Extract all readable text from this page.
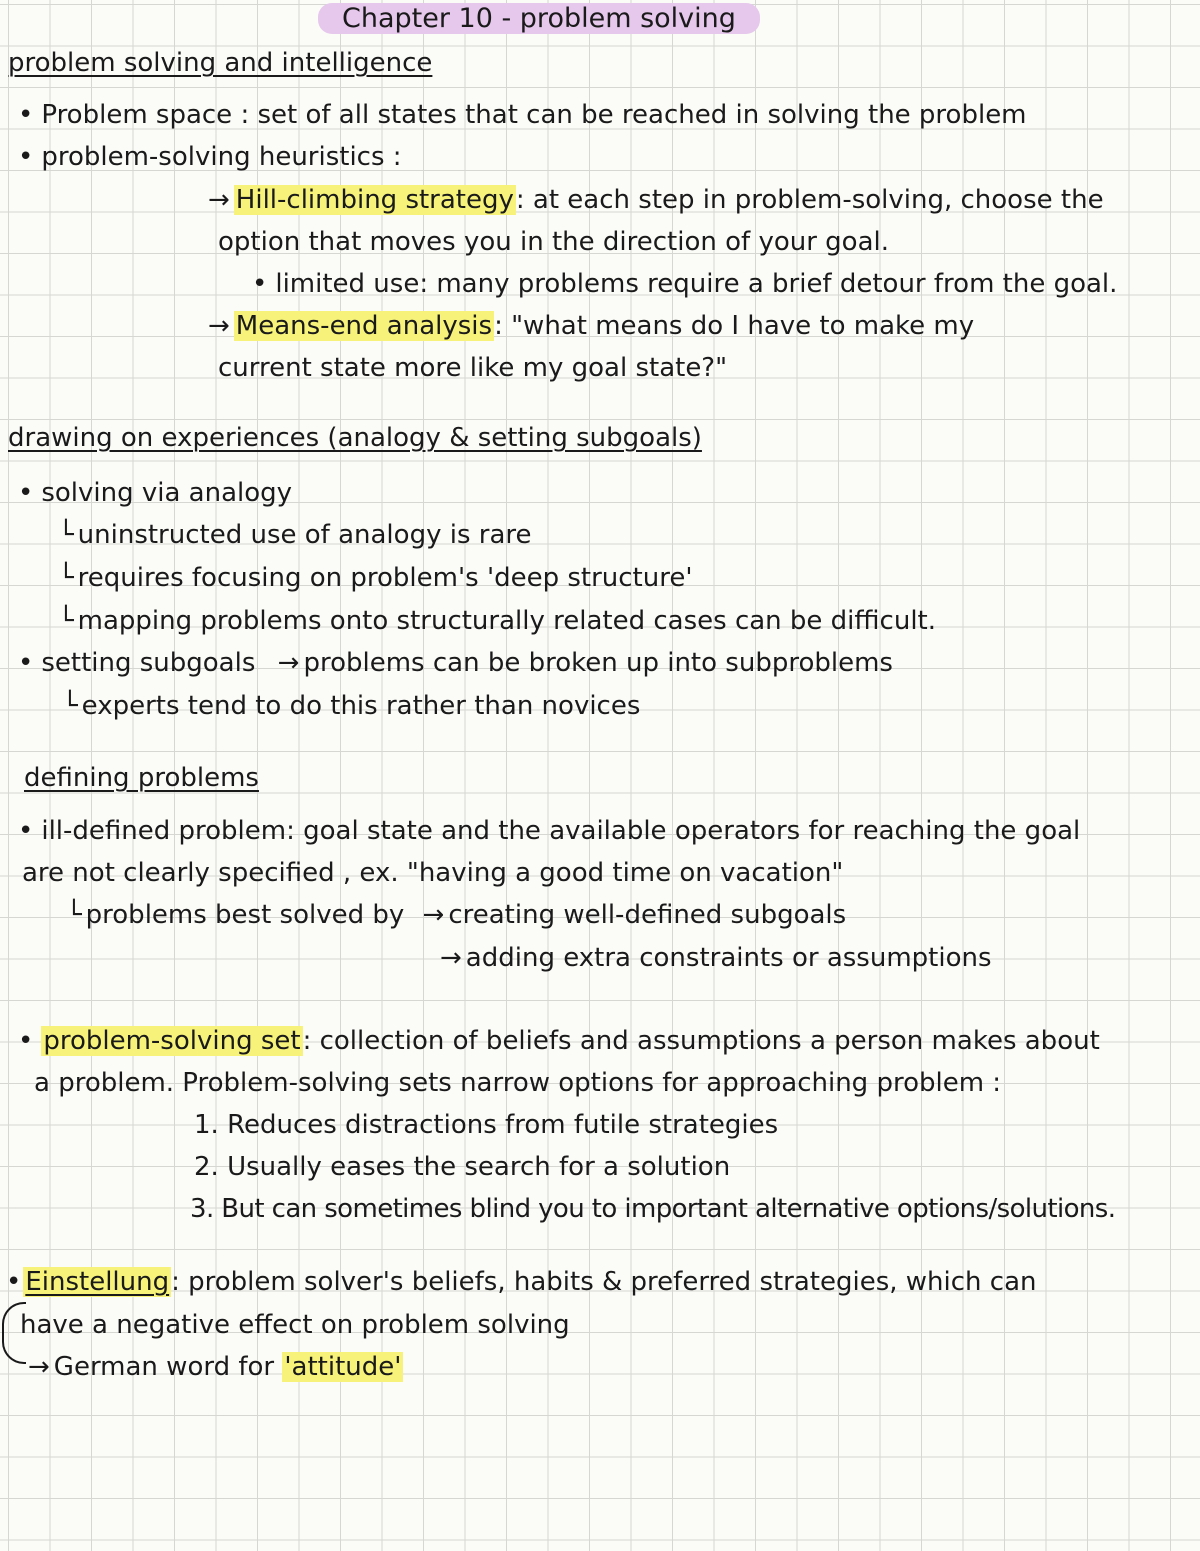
Chapter 10 - problem solving
problem solving and intelligence
• Problem space : set of all states that can be reached in solving the problem
• problem-solving heuristics :
→ Hill-climbing strategy: at each step in problem-solving, choose the
option that moves you in the direction of your goal.
• limited use: many problems require a brief detour from the goal.
→ Means-end analysis: "what means do I have to make my
current state more like my goal state?"
drawing on experiences (analogy & setting subgoals)
• solving via analogy
└ uninstructed use of analogy is rare
└ requires focusing on problem's 'deep structure'
└ mapping problems onto structurally related cases can be difficult.
• setting subgoals → problems can be broken up into subproblems
└ experts tend to do this rather than novices
defining problems
• ill-defined problem: goal state and the available operators for reaching the goal
are not clearly specified , ex. "having a good time on vacation"
└ problems best solved by → creating well-defined subgoals
→ adding extra constraints or assumptions
• problem-solving set: collection of beliefs and assumptions a person makes about
a problem. Problem-solving sets narrow options for approaching problem :
1. Reduces distractions from futile strategies
2. Usually eases the search for a solution
3. But can sometimes blind you to important alternative options/solutions.
• Einstellung: problem solver's beliefs, habits & preferred strategies, which can
have a negative effect on problem solving
→ German word for 'attitude'
